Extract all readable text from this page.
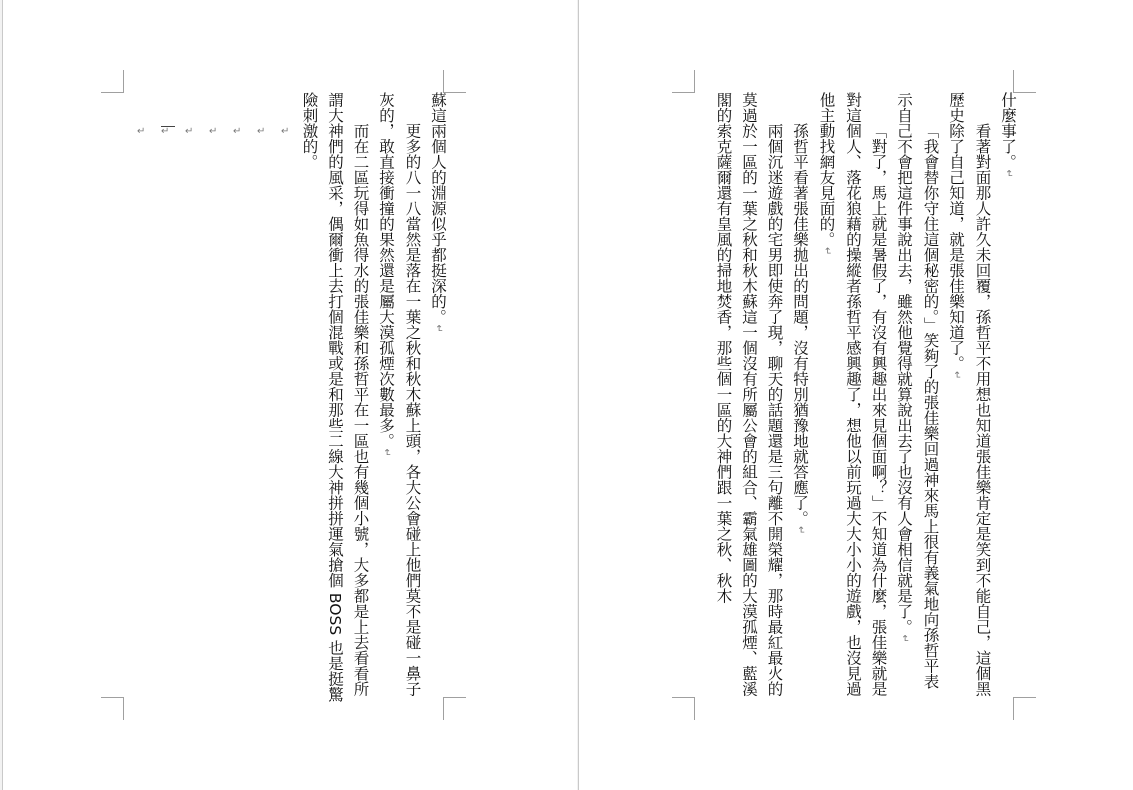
蘇這兩個人的淵源似乎都挺深的。↵

更多的八一八當然是落在一葉之秋和秋木蘇上頭，各大公會碰上他們莫不是碰一鼻子灰的，敢直接衝撞的果然還是屬大漠孤煙次數最多。↵

而在二區玩得如魚得水的張佳樂和孫哲平在一區也有幾個小號，大多都是上去看看所謂大神們的風采，偶爾衝上去打個混戰或是和那些二線大神拼拼運氣搶個 BOSS 也是挺驚險刺激的。

↵ ↵ ↵ ↵ ↵ ↵ ↵	什麼事了。↵

看著對面那人許久未回覆，孫哲平不用想也知道張佳樂肯定是笑到不能自己，這個黑歷史除了自己知道，就是張佳樂知道了。↵

「我會替你守住這個秘密的。」笑夠了的張佳樂回過神來馬上很有義氣地向孫哲平表示自己不會把這件事說出去，雖然他覺得就算說出去了也沒有人會相信就是了。↵

「對了，馬上就是暑假了，有沒有興趣出來見個面啊？」不知道為什麼，張佳樂就是對這個人、落花狼藉的操縱者孫哲平感興趣了，想他以前玩過大大小小的遊戲，也沒見過他主動找網友見面的。↵

孫哲平看著張佳樂拋出的問題，沒有特別猶豫地就答應了。↵

兩個沉迷遊戲的宅男即使奔了現，聊天的話題還是三句離不開榮耀，那時最紅最火的莫過於一區的一葉之秋和秋木蘇這一個沒有所屬公會的組合、霸氣雄圖的大漠孤煙、藍溪閣的索克薩爾還有皇風的掃地焚香，那些個一區的大神們跟一葉之秋、秋木
